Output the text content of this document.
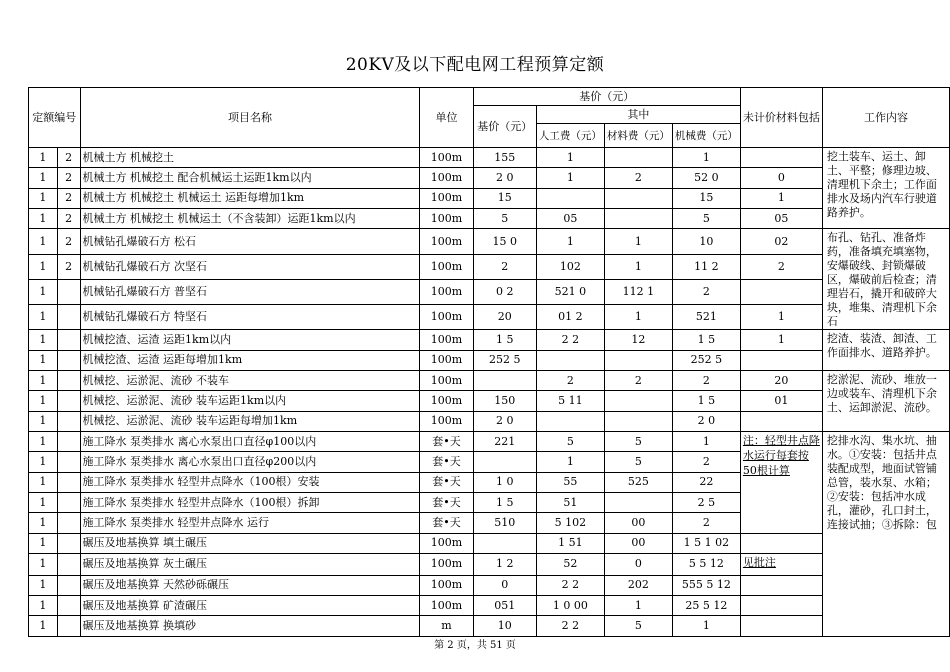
20KV及以下配电网工程预算定额
定额编号		项目名称	单位	基价（元）				未计价材料包括	工作内容
				基价（元）	其中				
					人工费（元）	材料费（元）	机械费（元）		
1	2	机械土方 机械挖土	100m	155	1		1		挖土装车、运土、卸土、平整；修理边坡、清理机下余土；工作面排水及场内汽车行驶道路养护。
1	2	机械土方 机械挖土 配合机械运土运距1km以内	100m	2 0	1	2	52 0	0	
1	2	机械土方 机械挖土 机械运土 运距每增加1km	100m	15			15	1	
1	2	机械土方 机械挖土 机械运土（不含装卸）运距1km以内	100m	5	05		5	05	
1	2	机械钻孔爆破石方 松石	100m	15 0	1	1	10	02	布孔、钻孔、准备炸药，准备填充填塞物，安爆破线、封锁爆破区，爆破前后检查；清理岩石，撬开和破碎大块，堆集、清理机下余石
1	2	机械钻孔爆破石方 次坚石	100m	2	102	1	11 2	2	
1		机械钻孔爆破石方 普坚石	100m	0 2	521 0	112 1	2		
1		机械钻孔爆破石方 特坚石	100m	20	01 2	1	521	1	
1		机械挖渣、运渣 运距1km以内	100m	1 5	2 2	12	1 5	1	挖渣、装渣、卸渣、工作面排水、道路养护。
1		机械挖渣、运渣 运距每增加1km	100m	252 5			252 5		
1		机械挖、运淤泥、流砂 不装车	100m		2	2	2	20	挖淤泥、流砂、堆放一边或装车、清理机下余土、运卸淤泥、流砂。
1		机械挖、运淤泥、流砂 装车运距1km以内	100m	150	5 11		1 5	01	
1		机械挖、运淤泥、流砂 装车运距每增加1km	100m	2 0			2 0		
1		施工降水 泵类排水 离心水泵出口直径φ100以内	套•天	221	5	5	1	注：轻型井点降水运行每套按50根计算	挖排水沟、集水坑、抽水。①安装：包括井点装配成型，地面试管铺总管，装水泵、水箱；②安装：包括冲水成孔，灌砂，孔口封土，连接试抽；③拆除：包
1		施工降水 泵类排水 离心水泵出口直径φ200以内	套•天		1	5	2		
1		施工降水 泵类排水 轻型井点降水（100根）安装	套•天	1 0	55	525	22		
1		施工降水 泵类排水 轻型井点降水（100根）拆卸	套•天	1 5	51		2 5		
1		施工降水 泵类排水 轻型井点降水 运行	套•天	510	5 102	00	2		
1		碾压及地基换算 填土碾压	100m		1 51	00	1 5 1 02		
1		碾压及地基换算 灰土碾压	100m	1 2	52	0	5 5 12	见批注	
1		碾压及地基换算 天然砂砾碾压	100m	0	2 2	202	555 5 12		
1		碾压及地基换算 矿渣碾压	100m	051	1 0 00	1	25 5 12		
1		碾压及地基换算 换填砂	m	10	2 2	5	1		
第 2 页，共 51 页
